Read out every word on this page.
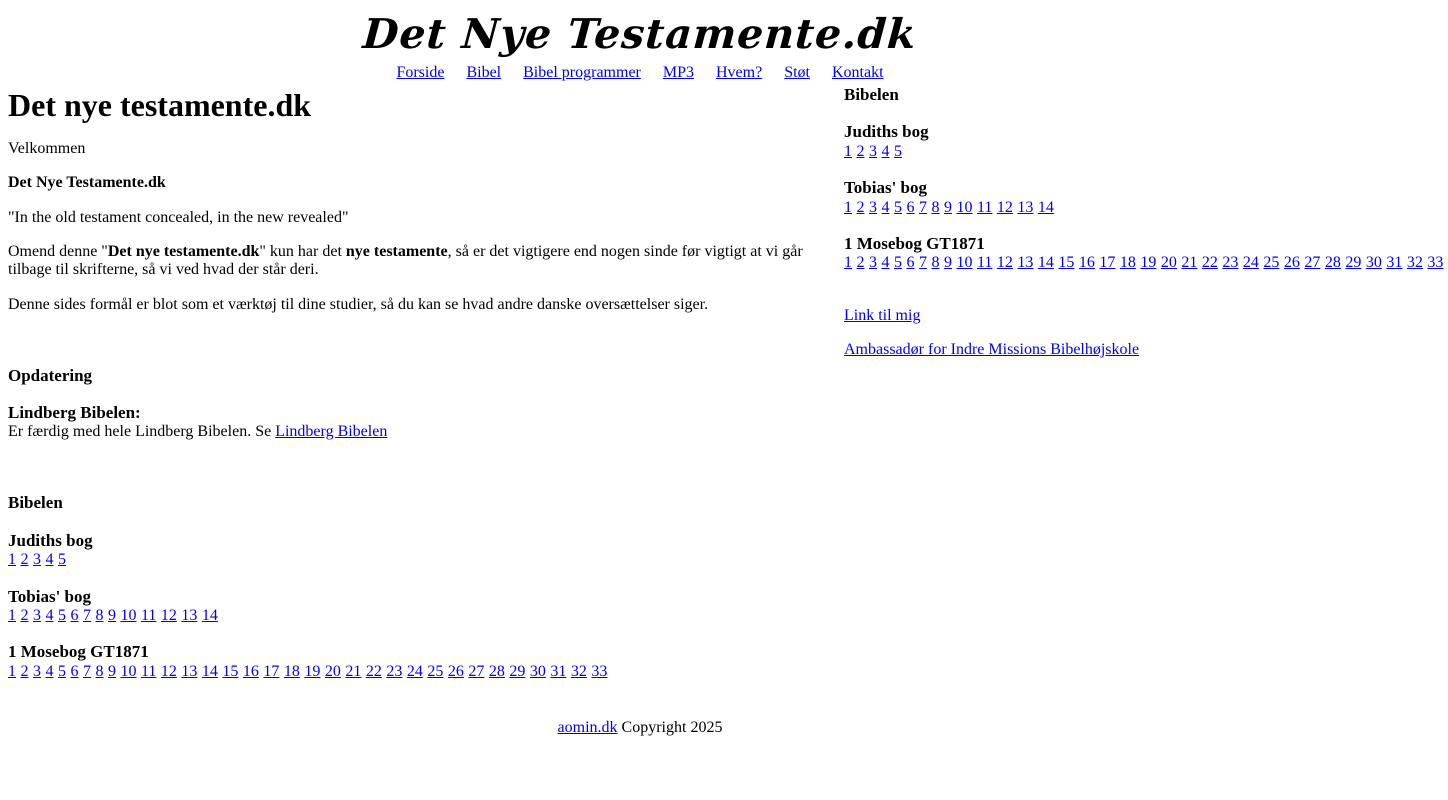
Det Nye Testamente.dk
Forside Bibel Bibel programmer MP3 Hvem? Støt Kontakt
Det nye testamente.dk

Velkommen

Det Nye Testamente.dk

"In the old testament concealed, in the new revealed"

Omend denne "Det nye testamente.dk" kun har det nye testamente, så er det vigtigere end nogen sinde før vigtigt at vi går tilbage til skrifterne, så vi ved hvad der står deri.

Denne sides formål er blot som et værktøj til dine studier, så du kan se hvad andre danske oversættelser siger.

Opdatering

Lindberg Bibelen:
Er færdig med hele Lindberg Bibelen. Se Lindberg Bibelen

Bibelen

Judiths bog
1 2 3 4 5

Tobias' bog
1 2 3 4 5 6 7 8 9 10 11 12 13 14

1 Mosebog GT1871
1 2 3 4 5 6 7 8 9 10 11 12 13 14 15 16 17 18 19 20 21 22 23 24 25 26 27 28 29 30 31 32 33

Bibelen

Judiths bog
1 2 3 4 5

Tobias' bog
1 2 3 4 5 6 7 8 9 10 11 12 13 14

1 Mosebog GT1871
1 2 3 4 5 6 7 8 9 10 11 12 13 14 15 16 17 18 19 20 21 22 23 24 25 26 27 28 29 30 31 32 33

Link til mig

Ambassadør for Indre Missions Bibelhøjskole

aomin.dk Copyright 2025
